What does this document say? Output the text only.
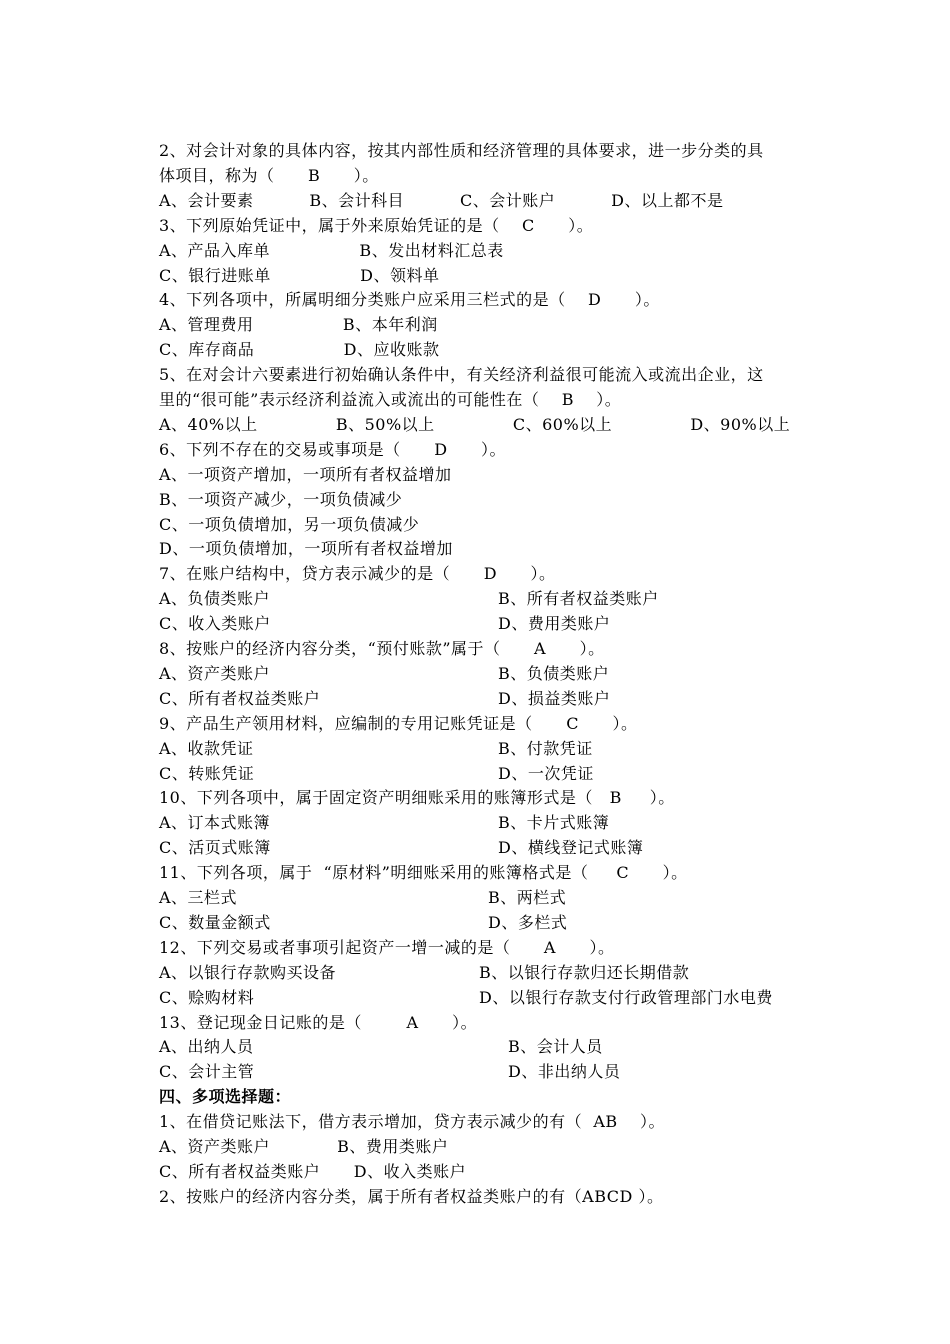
2、对会计对象的具体内容，按其内部性质和经济管理的具体要求，进一步分类的具
体项目，称为（      B      ）。
A、会计要素          B、会计科目          C、会计账户          D、以上都不是
3、下列原始凭证中，属于外来原始凭证的是（    C      ）。
A、产品入库单                B、发出材料汇总表
C、银行进账单                D、领料单
4、下列各项中，所属明细分类账户应采用三栏式的是（    D      ）。
A、管理费用                B、本年利润
C、库存商品                D、应收账款
5、在对会计六要素进行初始确认条件中，有关经济利益很可能流入或流出企业，这
里的“很可能”表示经济利益流入或流出的可能性在（    B    ）。
A、40%以上              B、50%以上              C、60%以上              D、90%以上
6、下列不存在的交易或事项是（      D      ）。
A、一项资产增加，一项所有者权益增加
B、一项资产减少，一项负债减少
C、一项负债增加，另一项负债减少
D、一项负债增加，一项所有者权益增加
7、在账户结构中，贷方表示减少的是（      D      ）。
A、负债类账户	B、所有者权益类账户
C、收入类账户	D、费用类账户
8、按账户的经济内容分类，“预付账款”属于（      A      ）。
A、资产类账户	B、负债类账户
C、所有者权益类账户	D、损益类账户
9、产品生产领用材料，应编制的专用记账凭证是（      C      ）。
A、收款凭证	B、付款凭证
C、转账凭证	D、一次凭证
10、下列各项中，属于固定资产明细账采用的账簿形式是（   B     ）。
A、订本式账簿	B、卡片式账簿
C、活页式账簿	D、横线登记式账簿
11、下列各项，属于  “原材料”明细账采用的账簿格式是（     C      ）。
A、三栏式	B、两栏式
C、数量金额式	D、多栏式
12、下列交易或者事项引起资产一增一减的是（      A      ）。
A、以银行存款购买设备	B、以银行存款归还长期借款
C、赊购材料	D、以银行存款支付行政管理部门水电费
13、登记现金日记账的是（        A      ）。
A、出纳人员	B、会计人员
C、会计主管	D、非出纳人员
四、多项选择题：
1、在借贷记账法下，借方表示增加，贷方表示减少的有（  AB    ）。
A、资产类账户            B、费用类账户
C、所有者权益类账户      D、收入类账户
2、按账户的经济内容分类，属于所有者权益类账户的有（ABCD ）。
